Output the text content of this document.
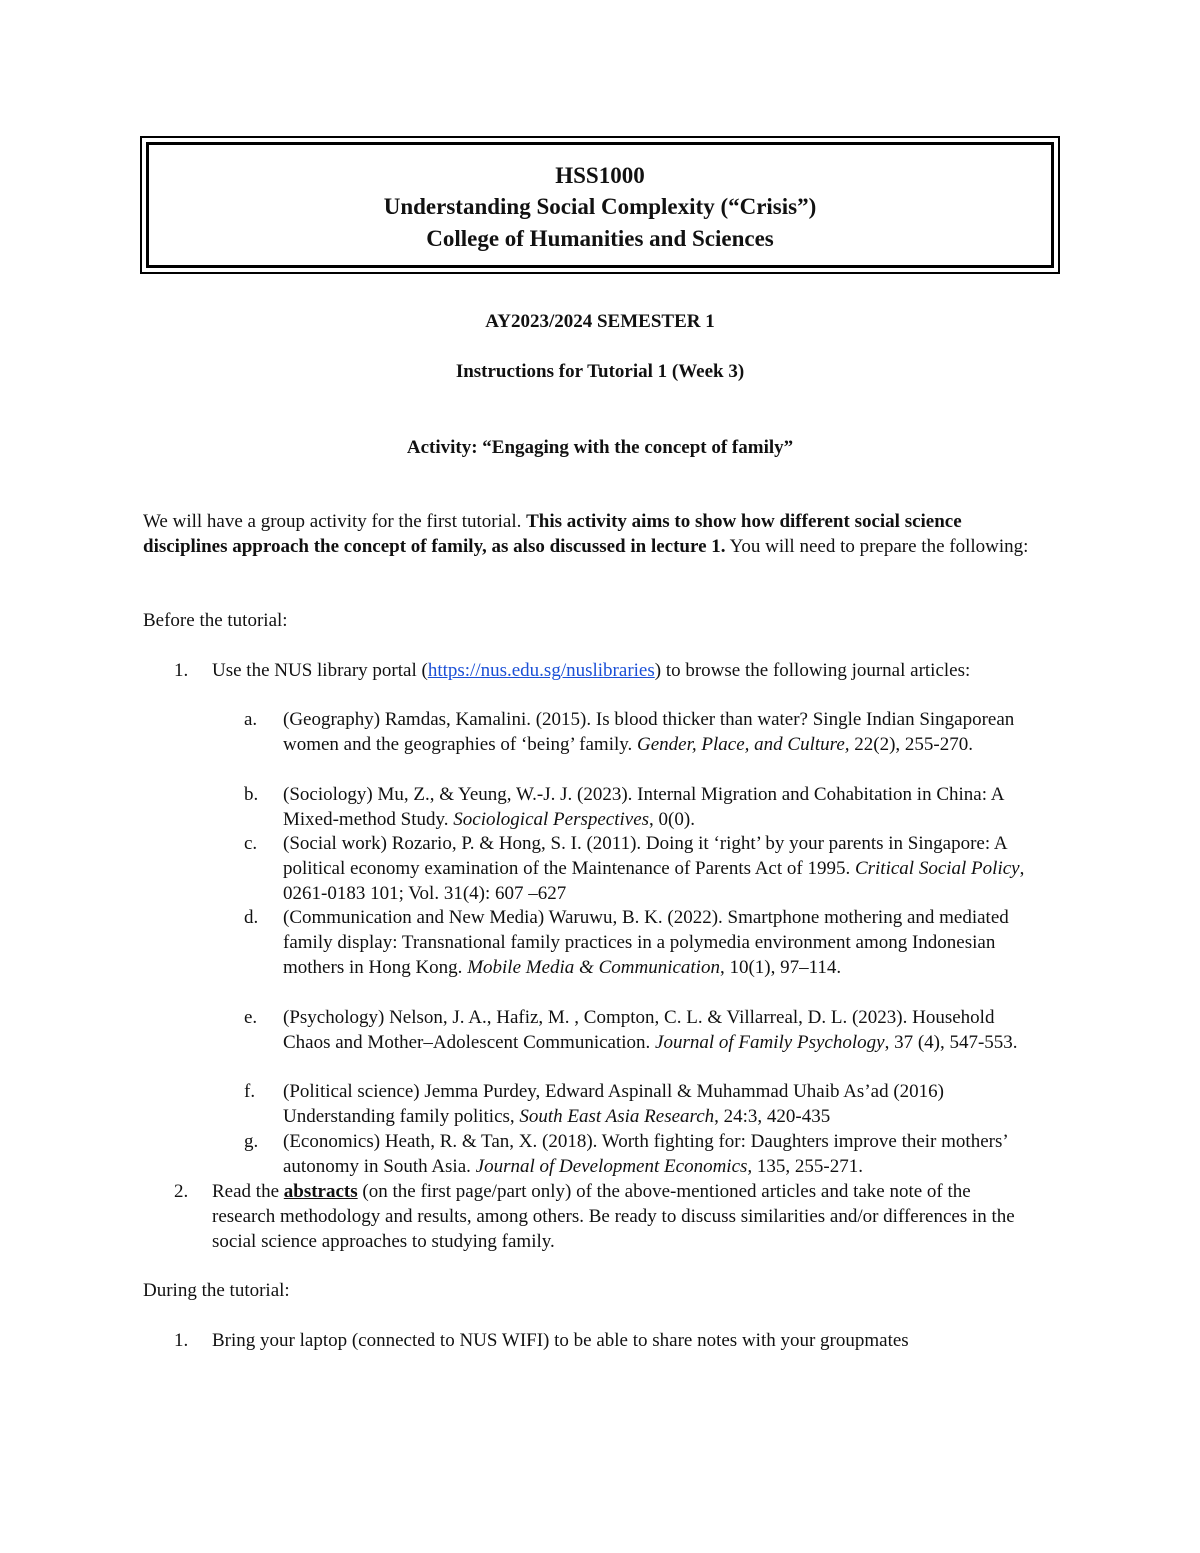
HSS1000
Understanding Social Complexity (“Crisis”)
College of Humanities and Sciences
AY2023/2024 SEMESTER 1
Instructions for Tutorial 1 (Week 3)
Activity: “Engaging with the concept of family”
We will have a group activity for the first tutorial. This activity aims to show how different social science disciplines approach the concept of family, as also discussed in lecture 1. You will need to prepare the following:
Before the tutorial:
1.	Use the NUS library portal (https://nus.edu.sg/nuslibraries) to browse the following journal articles:
a.	(Geography) Ramdas, Kamalini. (2015). Is blood thicker than water? Single Indian Singaporean women and the geographies of ‘being’ family. Gender, Place, and Culture, 22(2), 255-270.
b.	(Sociology) Mu, Z., & Yeung, W.-J. J. (2023). Internal Migration and Cohabitation in China: A Mixed-method Study. Sociological Perspectives, 0(0).
c.	(Social work) Rozario, P. & Hong, S. I. (2011). Doing it ‘right’ by your parents in Singapore: A political economy examination of the Maintenance of Parents Act of 1995. Critical Social Policy, 0261-0183 101; Vol. 31(4): 607 –627
d.	(Communication and New Media) Waruwu, B. K. (2022). Smartphone mothering and mediated family display: Transnational family practices in a polymedia environment among Indonesian mothers in Hong Kong. Mobile Media & Communication, 10(1), 97–114.
e.	(Psychology) Nelson, J. A., Hafiz, M. , Compton, C. L. & Villarreal, D. L. (2023). Household Chaos and Mother–Adolescent Communication. Journal of Family Psychology, 37 (4), 547-553.
f.	(Political science) Jemma Purdey, Edward Aspinall & Muhammad Uhaib As’ad (2016) Understanding family politics, South East Asia Research, 24:3, 420-435
g.	(Economics) Heath, R. & Tan, X. (2018). Worth fighting for: Daughters improve their mothers’ autonomy in South Asia. Journal of Development Economics, 135, 255-271.
2.	Read the abstracts (on the first page/part only) of the above-mentioned articles and take note of the research methodology and results, among others. Be ready to discuss similarities and/or differences in the social science approaches to studying family.
During the tutorial:
1.	Bring your laptop (connected to NUS WIFI) to be able to share notes with your groupmates
